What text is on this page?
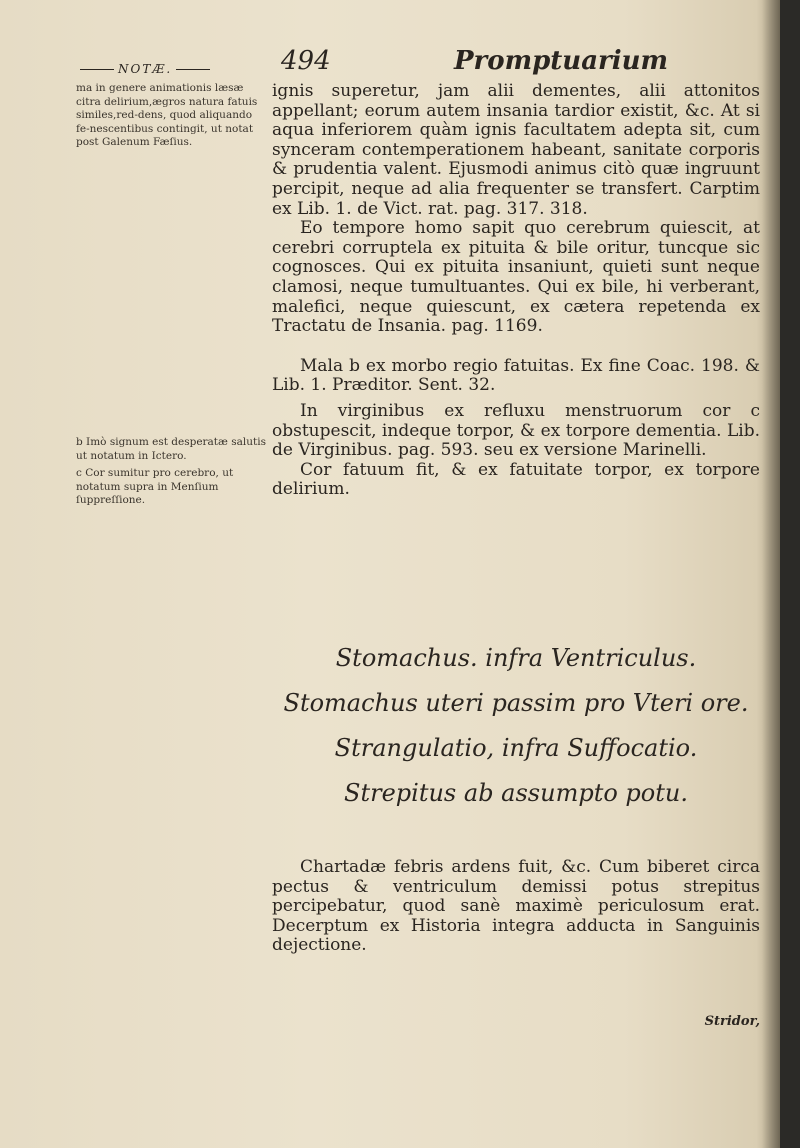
NOTÆ.	494	Promptuarium

ma in genere animationis læsæ citra delirium,ægros natura fatuis similes,red-dens, quod aliquando fe-nescentibus contingit, ut notat post Galenum Fæſius.

b Imò signum est desperatæ salutis ut notatum in Ictero.

c Cor sumitur pro cerebro, ut notatum supra in Menſium ſuppreſſione.

ignis superetur, jam alii dementes, alii attonitos appellant; eorum autem insania tardior existit, &c. At si aqua inferiorem quàm ignis facultatem adepta sit, cum synceram contemperationem habeant, sanitate corporis & prudentia valent. Ejusmodi animus citò quæ ingruunt percipit, neque ad alia frequenter se transfert. Carptim ex Lib. 1. de Vict. rat. pag. 317. 318.

Eo tempore homo sapit quo cerebrum quiescit, at cerebri corruptela ex pituita & bile oritur, tuncque sic cognosces. Qui ex pituita insaniunt, quieti sunt neque clamosi, neque tumultuantes. Qui ex bile, hi verberant, malefici, neque quiescunt, ex cætera repetenda ex Tractatu de Insania. pag. 1169.

Mala b ex morbo regio fatuitas. Ex fine Coac. 198. & Lib. 1. Præditor. Sent. 32.

In virginibus ex refluxu menstruorum cor c obstupescit, indeque torpor, & ex torpore dementia. Lib. de Virginibus. pag. 593. seu ex versione Marinelli.

Cor fatuum fit, & ex fatuitate torpor, ex torpore delirium.

Stomachus. infra Ventriculus.
Stomachus uteri passim pro Vteri ore.
Strangulatio, infra Suffocatio.
Strepitus ab assumpto potu.

Chartadæ febris ardens fuit, &c. Cum biberet circa pectus & ventriculum demissi potus strepitus percipebatur, quod sanè maximè periculosum erat. Decerptum ex Historia integra adducta in Sanguinis dejectione.

Stridor,
